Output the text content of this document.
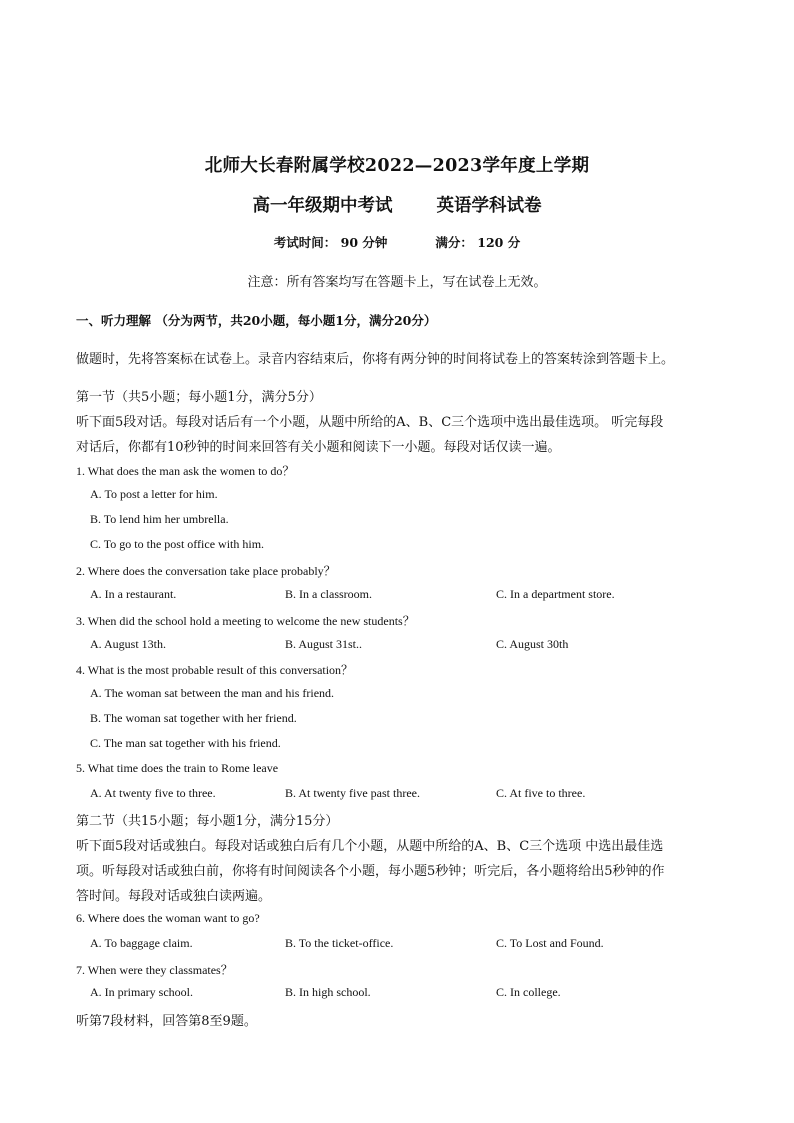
北师大长春附属学校2022—2023学年度上学期
高一年级期中考试	英语学科试卷
考试时间： 90 分钟	满分： 120 分
注意：所有答案均写在答题卡上，写在试卷上无效。
一、听力理解 （分为两节，共20小题，每小题1分，满分20分）
做题时，先将答案标在试卷上。录音内容结束后，你将有两分钟的时间将试卷上的答案转涂到答题卡上。
第一节（共5小题；每小题1分，满分5分）
听下面5段对话。每段对话后有一个小题，从题中所给的A、B、C三个选项中选出最佳选项。 听完每段
对话后，你都有10秒钟的时间来回答有关小题和阅读下一小题。每段对话仅读一遍。
1. What does the man ask the women to do？
A. To post a letter for him.
B. To lend him her umbrella.
C. To go to the post office with him.
2. Where does the conversation take place probably？
A. In a restaurant.	B. In a classroom.	C. In a department store.
3. When did the school hold a meeting to welcome the new students？
A. August 13th.	B. August 31st..	C. August 30th
4. What is the most probable result of this conversation？
A. The woman sat between the man and his friend.
B. The woman sat together with her friend.
C. The man sat together with his friend.
5. What time does the train to Rome leave
A. At twenty five to three.	B. At twenty five past three.	C. At five to three.
第二节（共15小题；每小题1分，满分15分）
听下面5段对话或独白。每段对话或独白后有几个小题，从题中所给的A、B、C三个选项 中选出最佳选
项。听每段对话或独白前，你将有时间阅读各个小题，每小题5秒钟；听完后，各小题将给出5秒钟的作
答时间。每段对话或独白读两遍。
6. Where does the woman want to go?
A. To baggage claim.	B. To the ticket-office.	C. To Lost and Found.
7. When were they classmates？
A. In primary school.	B. In high school.	C. In college.
听第7段材料，回答第8至9题。
